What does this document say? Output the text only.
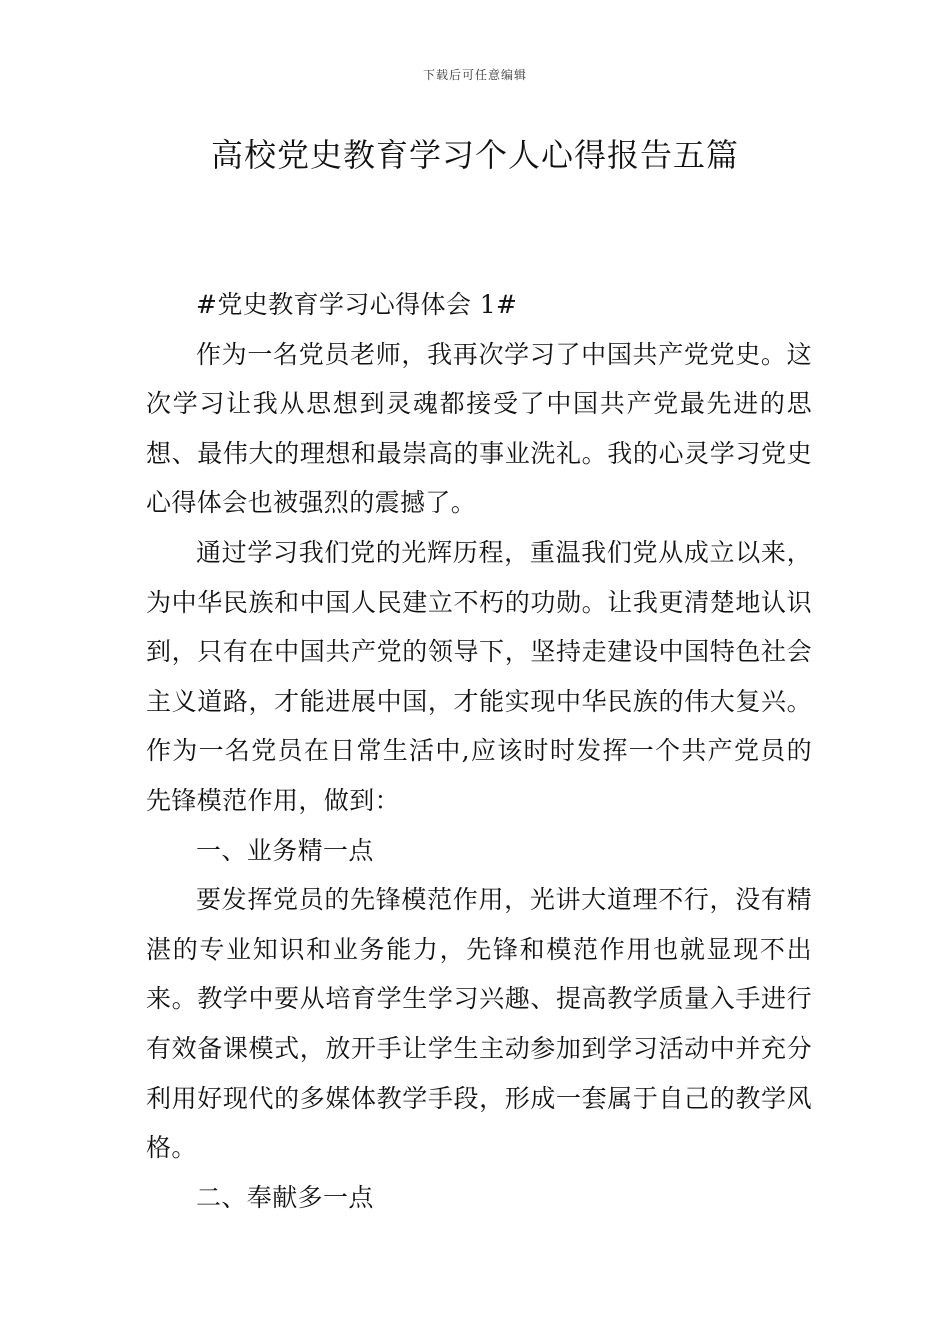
下载后可任意编辑
高校党史教育学习个人心得报告五篇

#党史教育学习心得体会 1#

作为一名党员老师，我再次学习了中国共产党党史。这次学习让我从思想到灵魂都接受了中国共产党最先进的思想、最伟大的理想和最崇高的事业洗礼。我的心灵学习党史心得体会也被强烈的震撼了。

通过学习我们党的光辉历程，重温我们党从成立以来，为中华民族和中国人民建立不朽的功勋。让我更清楚地认识到，只有在中国共产党的领导下，坚持走建设中国特色社会主义道路，才能进展中国，才能实现中华民族的伟大复兴。作为一名党员在日常生活中,应该时时发挥一个共产党员的先锋模范作用，做到：

一、业务精一点

要发挥党员的先锋模范作用，光讲大道理不行，没有精湛的专业知识和业务能力，先锋和模范作用也就显现不出来。教学中要从培育学生学习兴趣、提高教学质量入手进行有效备课模式，放开手让学生主动参加到学习活动中并充分利用好现代的多媒体教学手段，形成一套属于自己的教学风格。

二、奉献多一点
